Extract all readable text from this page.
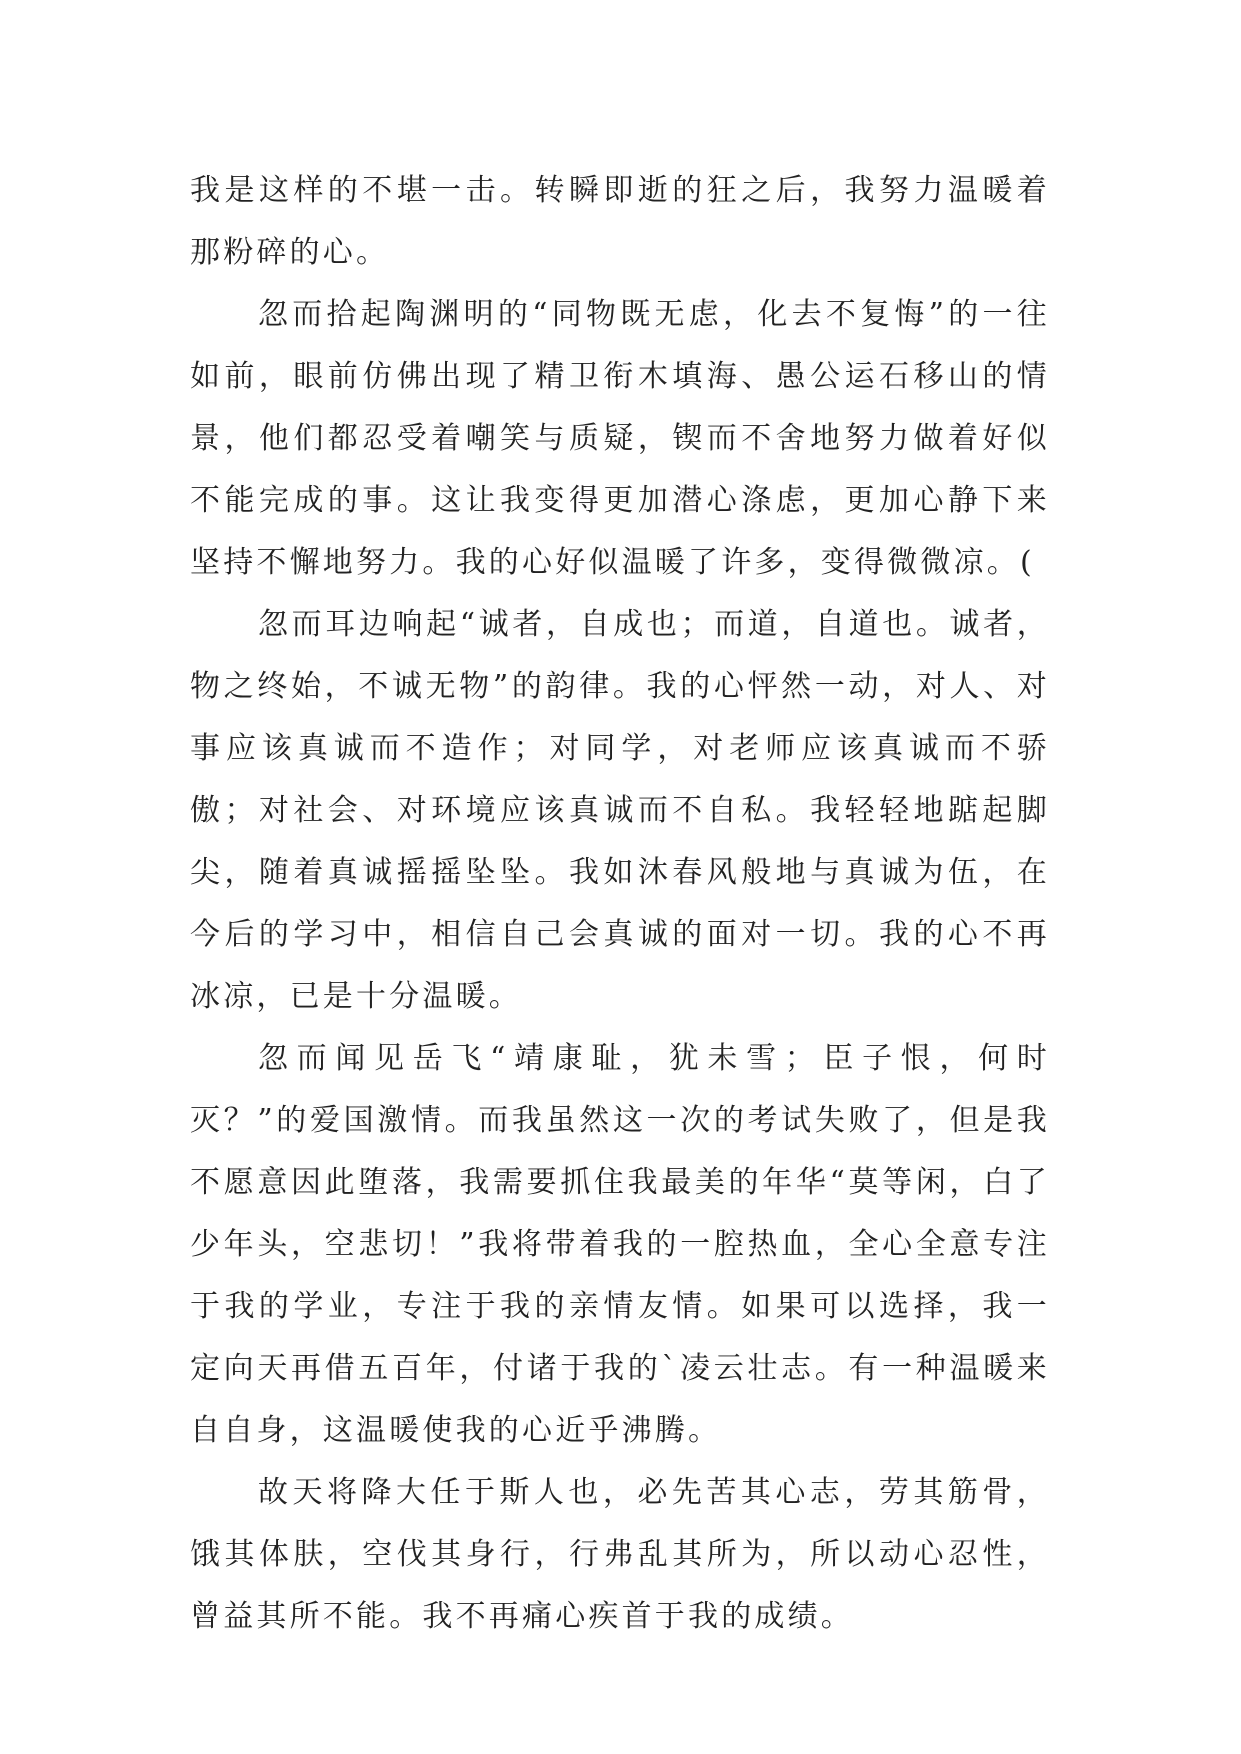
我是这样的不堪一击。转瞬即逝的狂之后，我努力温暖着那粉碎的心。

忽而拾起陶渊明的“同物既无虑，化去不复悔”的一往如前，眼前仿佛出现了精卫衔木填海、愚公运石移山的情景，他们都忍受着嘲笑与质疑，锲而不舍地努力做着好似不能完成的事。这让我变得更加潜心涤虑，更加心静下来坚持不懈地努力。我的心好似温暖了许多，变得微微凉。(

忽而耳边响起“诚者，自成也；而道，自道也。诚者，物之终始，不诚无物”的韵律。我的心怦然一动，对人、对事应该真诚而不造作；对同学，对老师应该真诚而不骄傲；对社会、对环境应该真诚而不自私。我轻轻地踮起脚尖，随着真诚摇摇坠坠。我如沐春风般地与真诚为伍，在今后的学习中，相信自己会真诚的面对一切。我的心不再冰凉，已是十分温暖。

忽而闻见岳飞“靖康耻，犹未雪；臣子恨，何时灭？”的爱国激情。而我虽然这一次的考试失败了，但是我不愿意因此堕落，我需要抓住我最美的年华“莫等闲，白了少年头，空悲切！”我将带着我的一腔热血，全心全意专注于我的学业，专注于我的亲情友情。如果可以选择，我一定向天再借五百年，付诸于我的`凌云壮志。有一种温暖来自自身，这温暖使我的心近乎沸腾。

故天将降大任于斯人也，必先苦其心志，劳其筋骨，饿其体肤，空伐其身行，行弗乱其所为，所以动心忍性，曾益其所不能。我不再痛心疾首于我的成绩。
